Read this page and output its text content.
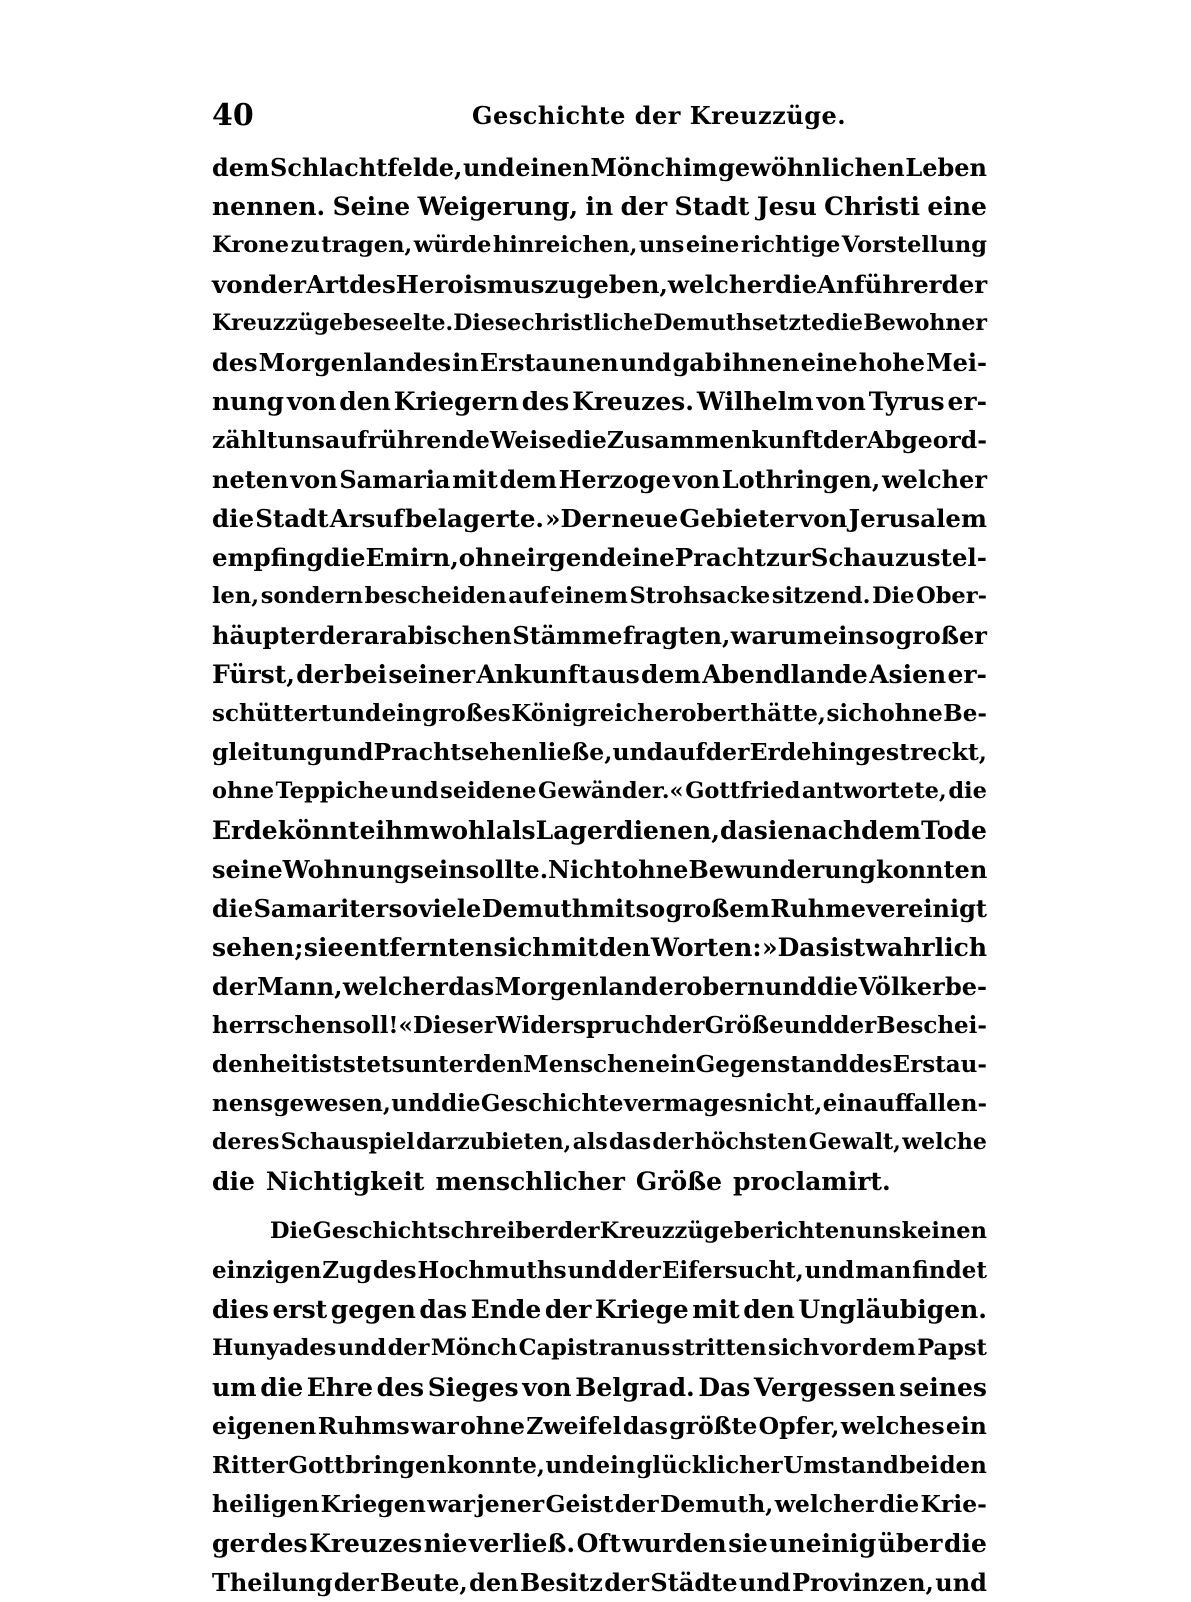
40	Geschichte der Kreuzzüge.
dem Schlachtfelde, und einen Mönch im gewöhnlichen Leben
nennen. Seine Weigerung, in der Stadt Jesu Christi eine
Krone zu tragen, würde hinreichen, uns eine richtige Vorstellung
von der Art des Heroismus zu geben, welcher die Anführer der
Kreuzzüge beseelte. Diese christliche Demuth setzte die Bewohner
des Morgenlandes in Erstaunen und gab ihnen eine hohe Mei-
nung von den Kriegern des Kreuzes. Wilhelm von Tyrus er-
zählt uns auf rührende Weise die Zusammenkunft der Abgeord-
neten von Samaria mit dem Herzoge von Lothringen, welcher
die Stadt Arsuf belagerte. »Der neue Gebieter von Jerusalem
empfing die Emirn, ohne irgend eine Pracht zur Schau zu stel-
len, sondern bescheiden auf einem Strohsacke sitzend. Die Ober-
häupter der arabischen Stämme fragten, warum ein so großer
Fürst, der bei seiner Ankunft aus dem Abendlande Asien er-
schüttert und ein großes Königreich erobert hätte, sich ohne Be-
gleitung und Pracht sehen ließe, und auf der Erde hingestreckt,
ohne Teppiche und seidene Gewänder.« Gottfried antwortete, die
Erde könnte ihm wohl als Lager dienen, da sie nach dem Tode
seine Wohnung sein sollte. Nicht ohne Bewunderung konnten
die Samariter so viele Demuth mit so großem Ruhme vereinigt
sehen; sie entfernten sich mit den Worten: »Das ist wahrlich
der Mann, welcher das Morgenland erobern und die Völker be-
herrschen soll!« Dieser Widerspruch der Größe und der Beschei-
denheit ist stets unter den Menschen ein Gegenstand des Erstau-
nens gewesen, und die Geschichte vermag es nicht, ein auffallen-
deres Schauspiel darzubieten, als das der höchsten Gewalt, welche
die Nichtigkeit menschlicher Größe proclamirt.
Die Geschichtschreiber der Kreuzzüge berichten uns keinen
einzigen Zug des Hochmuths und der Eifersucht, und man findet
dies erst gegen das Ende der Kriege mit den Ungläubigen.
Hunyades und der Mönch Capistranus stritten sich vor dem Papst
um die Ehre des Sieges von Belgrad. Das Vergessen seines
eigenen Ruhms war ohne Zweifel das größte Opfer, welches ein
Ritter Gott bringen konnte, und ein glücklicher Umstand bei den
heiligen Kriegen war jener Geist der Demuth, welcher die Krie-
ger des Kreuzes nie verließ. Oft wurden sie uneinig über die
Theilung der Beute, den Besitz der Städte und Provinzen, und
